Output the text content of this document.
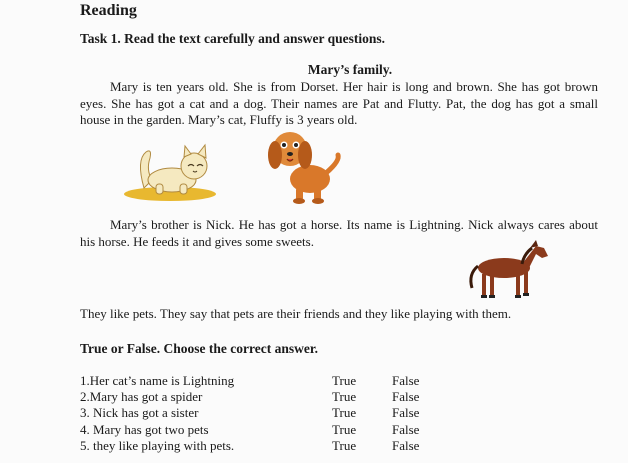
Reading
Task 1. Read the text carefully and answer questions.
Mary’s family.
Mary is ten years old. She is from Dorset. Her hair is long and brown. She has got brown eyes. She has got a cat and a dog. Their names are Pat and Flutty. Pat, the dog has got a small house in the garden. Mary’s cat, Fluffy is 3 years old.
Mary’s brother is Nick. He has got a horse. Its name is Lightning. Nick always cares about his horse. He feeds it and gives some sweets.
They like pets. They say that pets are their friends and they like playing with them.
True or False. Choose the correct answer.
1.Her cat’s name is Lightning	True	False
2.Mary has got a spider	True	False
3. Nick has got a sister	True	False
4. Mary has got two pets	True	False
5. they like playing with pets.	True	False
